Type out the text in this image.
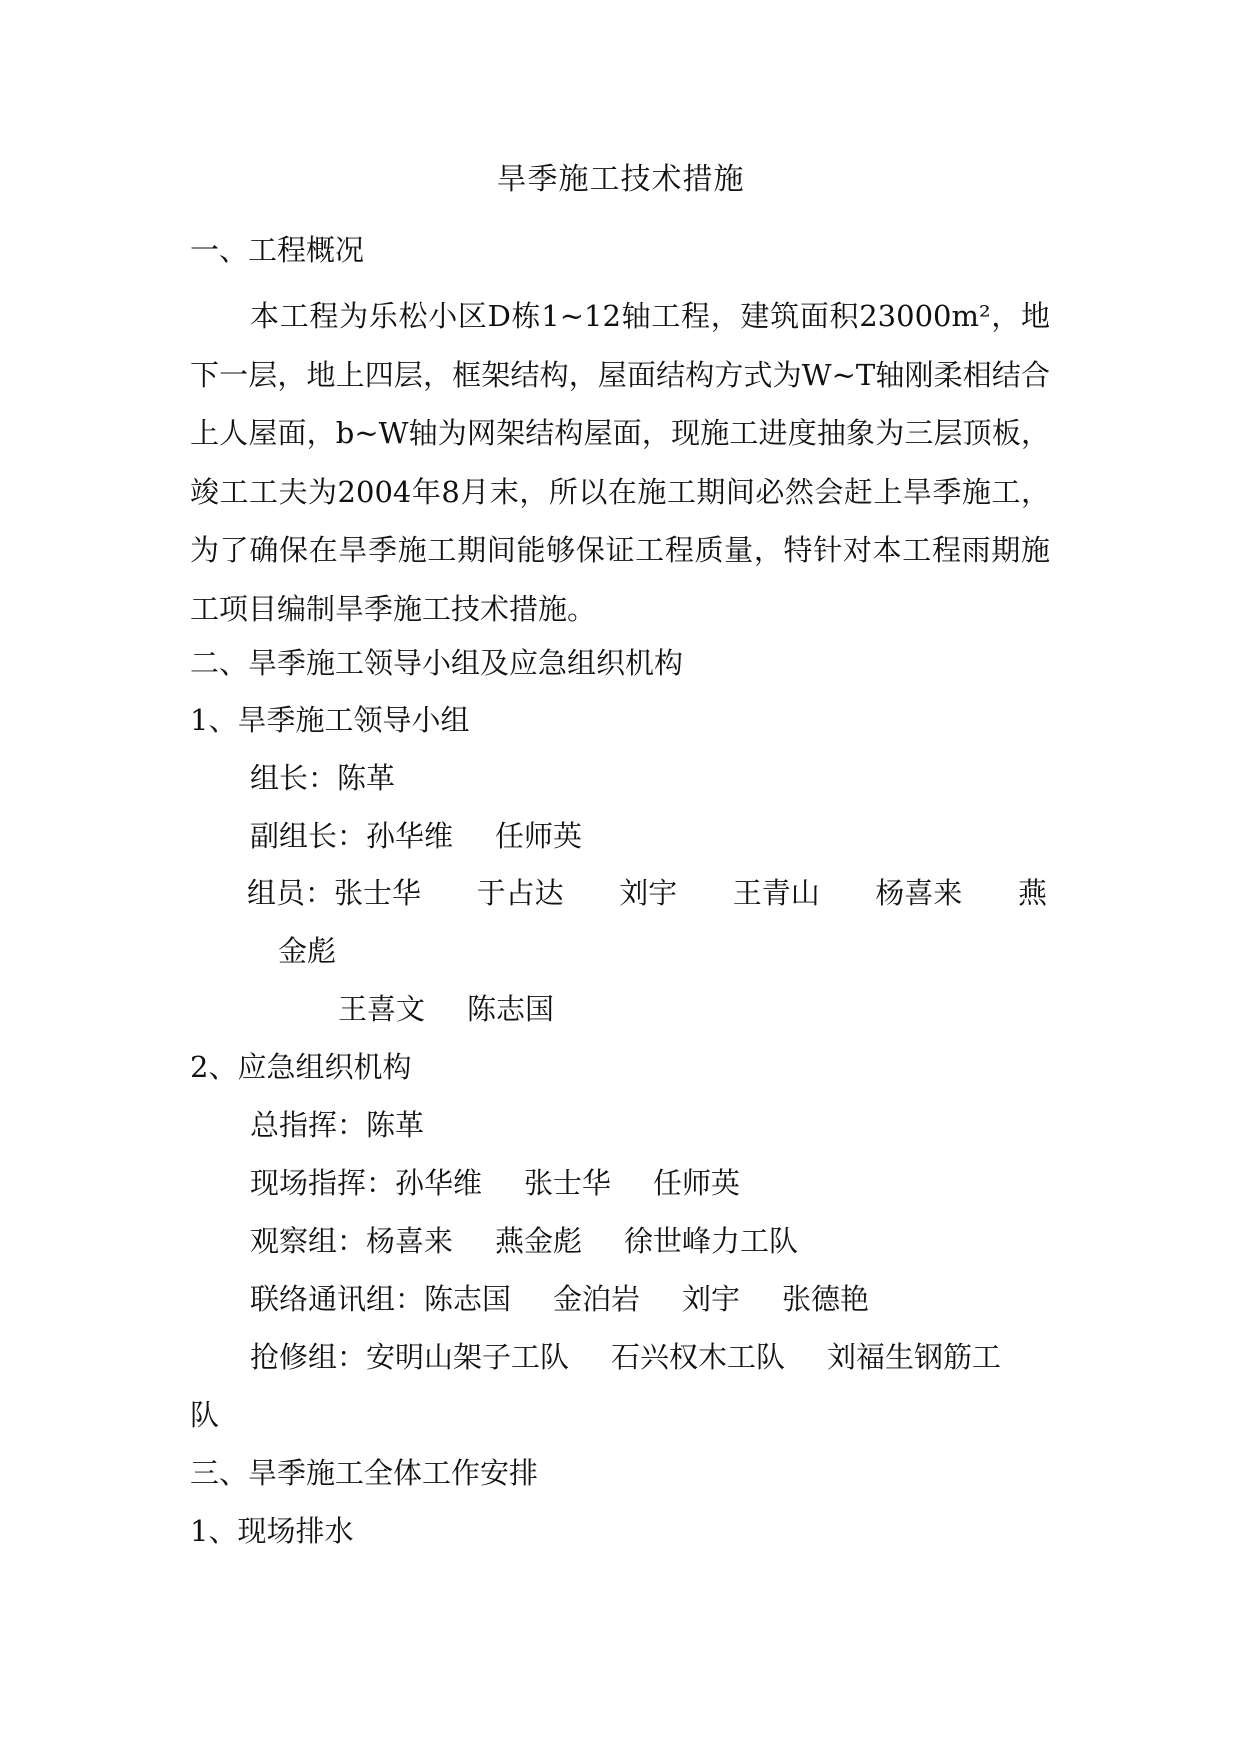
旱季施工技术措施
一、工程概况
本工程为乐松小区D栋1~12轴工程，建筑面积23000m²，地下一层，地上四层，框架结构，屋面结构方式为W~T轴刚柔相结合上人屋面，b~W轴为网架结构屋面，现施工进度抽象为三层顶板，竣工工夫为2004年8月末，所以在施工期间必然会赶上旱季施工，为了确保在旱季施工期间能够保证工程质量，特针对本工程雨期施工项目编制旱季施工技术措施。
二、旱季施工领导小组及应急组织机构
1、旱季施工领导小组
组长：陈革
副组长：孙华维 任师英
组员：张士华 于占达 刘宇 王青山 杨喜来 燕
金彪
王喜文 陈志国
2、应急组织机构
总指挥：陈革
现场指挥：孙华维 张士华 任师英
观察组：杨喜来 燕金彪 徐世峰力工队
联络通讯组：陈志国 金泊岩 刘宇 张德艳
抢修组：安明山架子工队 石兴权木工队 刘福生钢筋工
队
三、旱季施工全体工作安排
1、现场排水
